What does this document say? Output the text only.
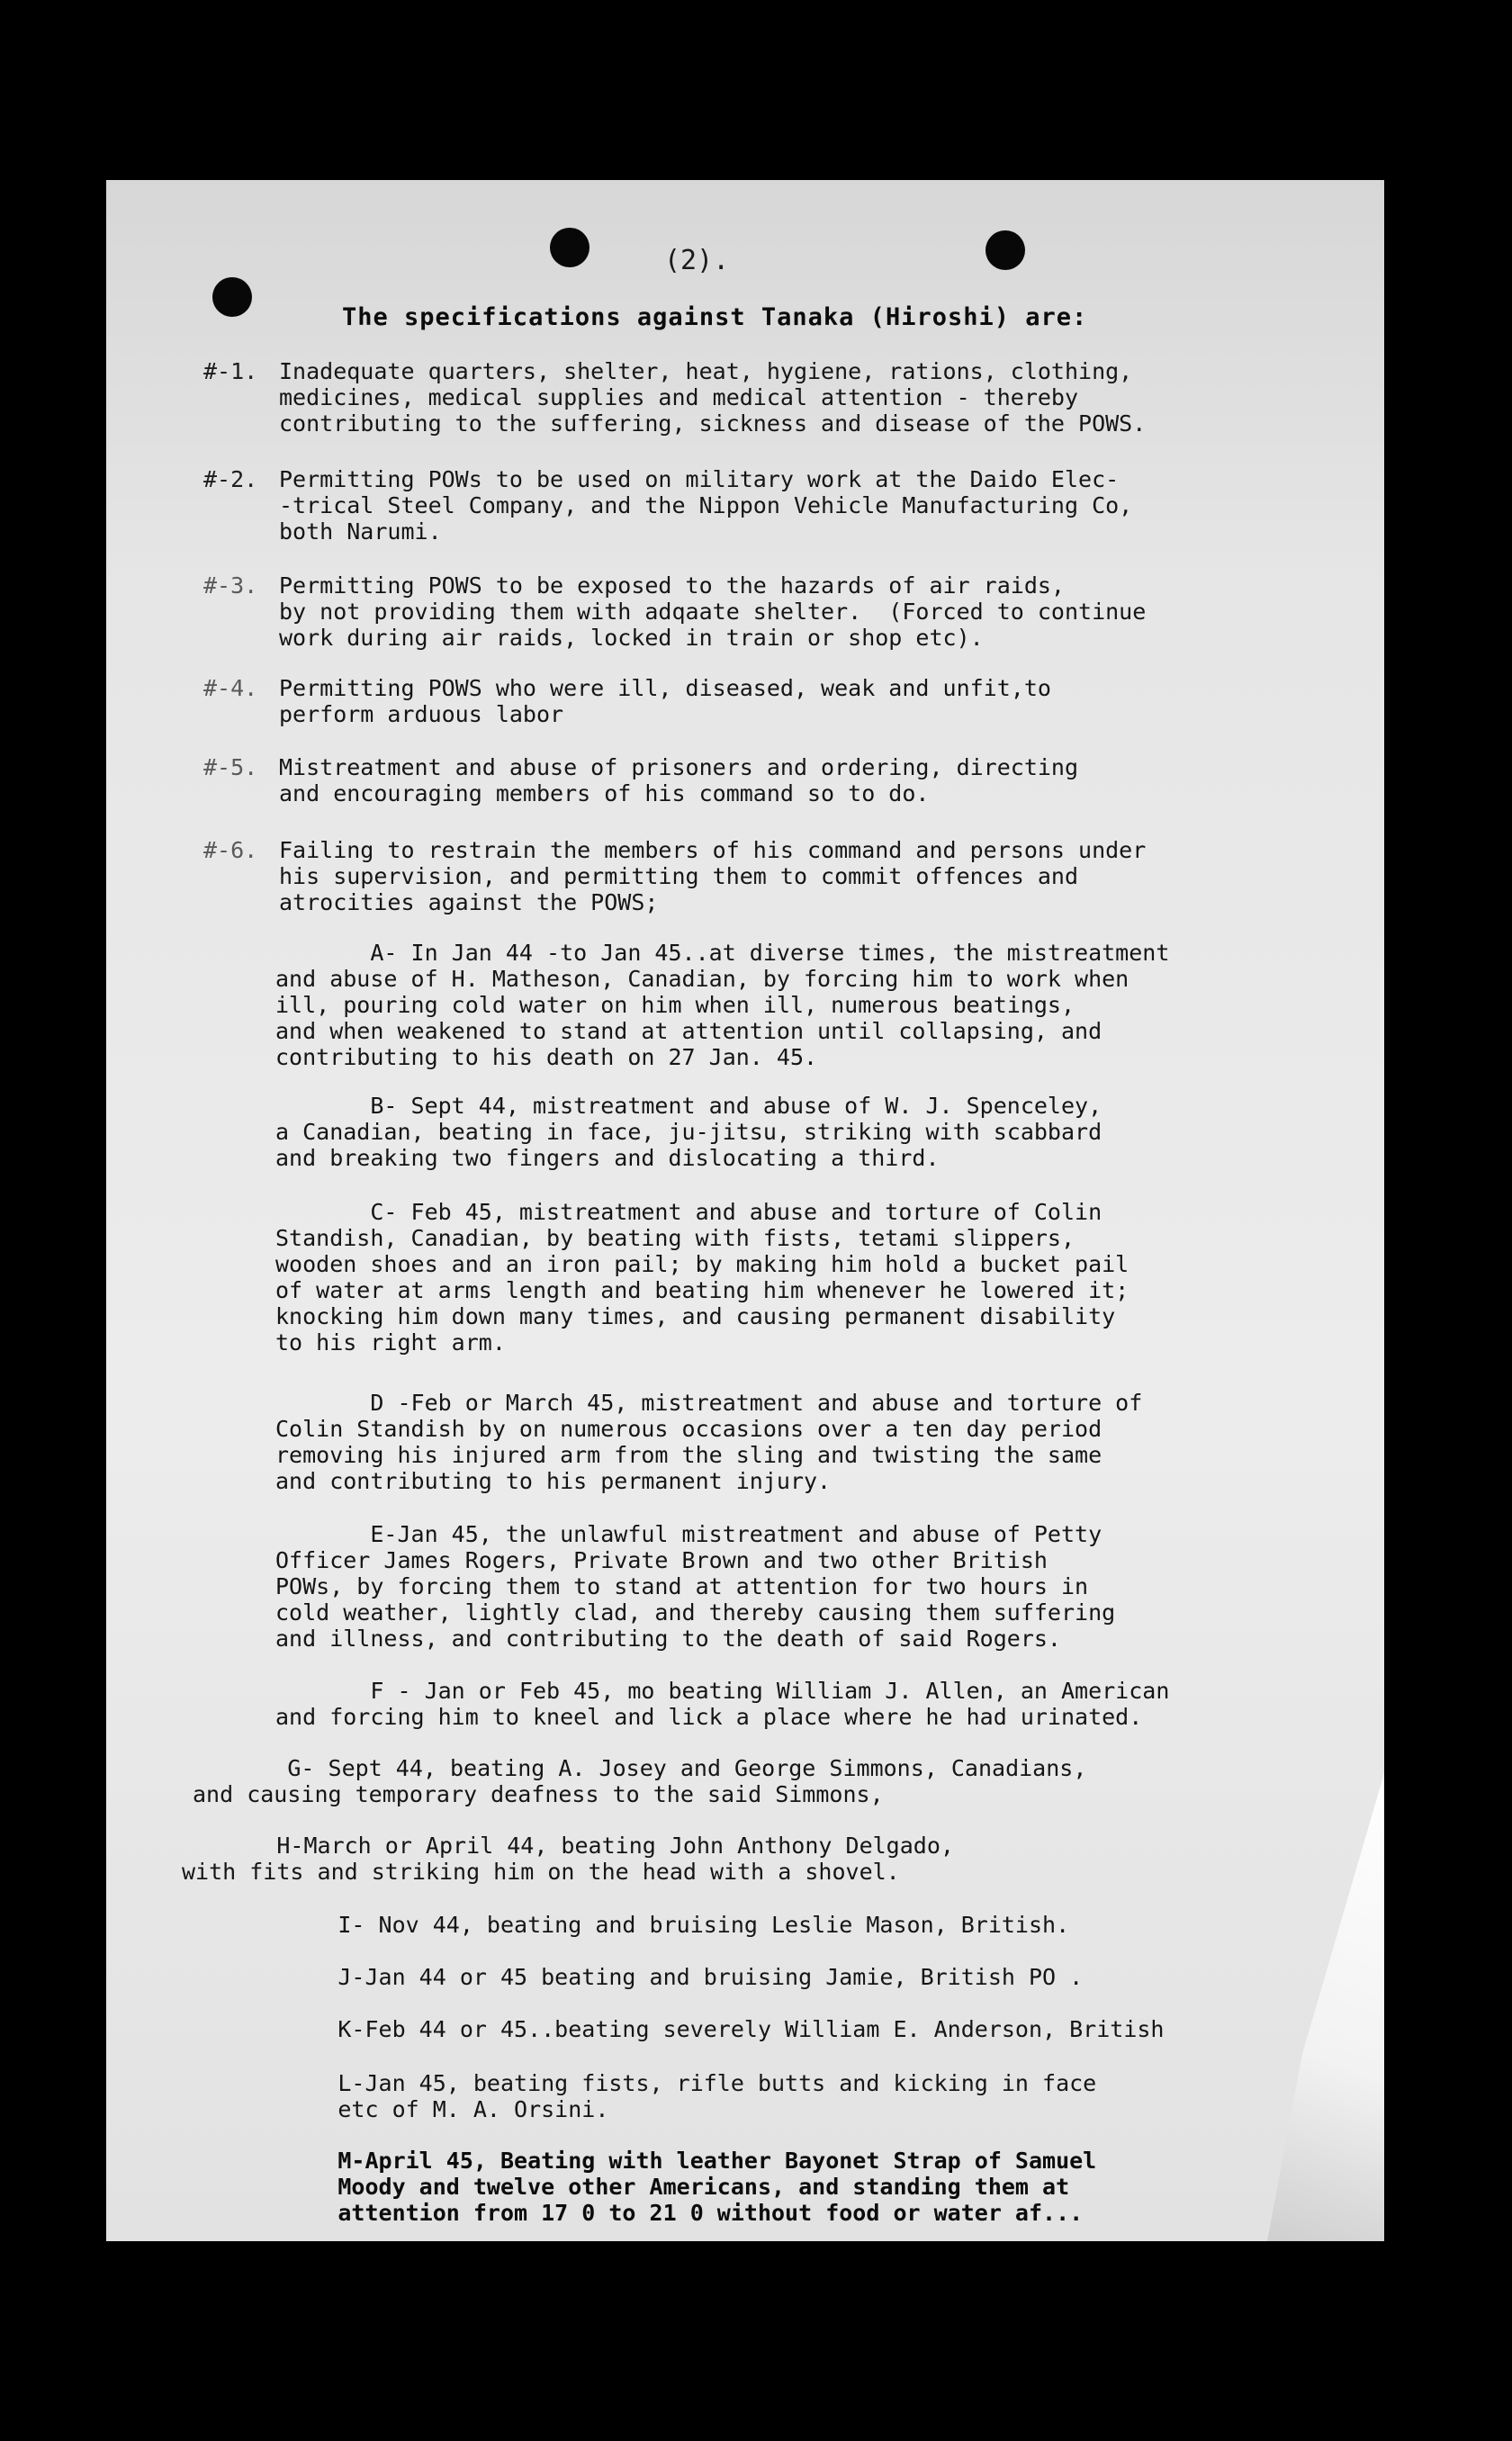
(2).
The specifications against Tanaka (Hiroshi) are:
#-1. Inadequate quarters, shelter, heat, hygiene, rations, clothing,
medicines, medical supplies and medical attention - thereby
contributing to the suffering, sickness and disease of the POWS.
#-2. Permitting POWs to be used on military work at the Daido Elec-
-trical Steel Company, and the Nippon Vehicle Manufacturing Co,
both Narumi.
#-3. Permitting POWS to be exposed to the hazards of air raids,
by not providing them with adqaate shelter.  (Forced to continue
work during air raids, locked in train or shop etc).
#-4. Permitting POWS who were ill, diseased, weak and unfit,to
perform arduous labor
#-5. Mistreatment and abuse of prisoners and ordering, directing
and encouraging members of his command so to do.
#-6. Failing to restrain the members of his command and persons under
his supervision, and permitting them to commit offences and
atrocities against the POWS;
A- In Jan 44 -to Jan 45..at diverse times, the mistreatment
and abuse of H. Matheson, Canadian, by forcing him to work when
ill, pouring cold water on him when ill, numerous beatings,
and when weakened to stand at attention until collapsing, and
contributing to his death on 27 Jan. 45.
B- Sept 44, mistreatment and abuse of W. J. Spenceley,
a Canadian, beating in face, ju-jitsu, striking with scabbard
and breaking two fingers and dislocating a third.
C- Feb 45, mistreatment and abuse and torture of Colin
Standish, Canadian, by beating with fists, tetami slippers,
wooden shoes and an iron pail; by making him hold a bucket pail
of water at arms length and beating him whenever he lowered it;
knocking him down many times, and causing permanent disability
to his right arm.
D -Feb or March 45, mistreatment and abuse and torture of
Colin Standish by on numerous occasions over a ten day period
removing his injured arm from the sling and twisting the same
and contributing to his permanent injury.
E-Jan 45, the unlawful mistreatment and abuse of Petty
Officer James Rogers, Private Brown and two other British
POWs, by forcing them to stand at attention for two hours in
cold weather, lightly clad, and thereby causing them suffering
and illness, and contributing to the death of said Rogers.
F - Jan or Feb 45, mo beating William J. Allen, an American
and forcing him to kneel and lick a place where he had urinated.
G- Sept 44, beating A. Josey and George Simmons, Canadians,
and causing temporary deafness to the said Simmons,
H-March or April 44, beating John Anthony Delgado,
with fits and striking him on the head with a shovel.
I- Nov 44, beating and bruising Leslie Mason, British.
J-Jan 44 or 45 beating and bruising Jamie, British PO .
K-Feb 44 or 45..beating severely William E. Anderson, British
L-Jan 45, beating fists, rifle butts and kicking in face
etc of M. A. Orsini.
M-April 45, Beating with leather Bayonet Strap of Samuel
Moody and twelve other Americans, and standing them at
attention from 17 0 to 21 0 without food or water af...
